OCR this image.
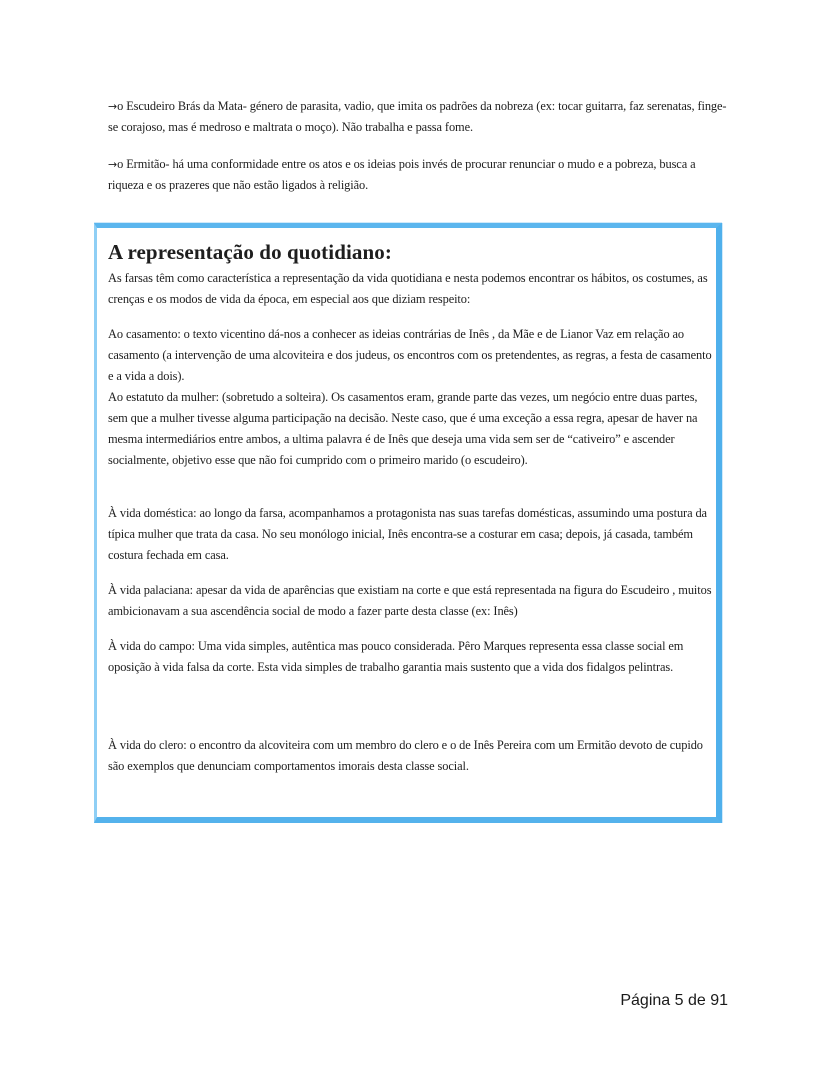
→o Escudeiro Brás da Mata- género de parasita, vadio, que imita os padrões da nobreza (ex: tocar guitarra, faz serenatas, finge- se corajoso, mas é medroso e maltrata o moço). Não trabalha e passa fome.

→o Ermitão- há uma conformidade entre os atos e os ideias pois invés de procurar renunciar o mudo e a pobreza, busca a riqueza e os prazeres que não estão ligados à religião.

A representação do quotidiano:

As farsas têm como característica a representação da vida quotidiana e nesta podemos encontrar os hábitos, os costumes, as crenças e os modos de vida da época, em especial aos que diziam respeito:

Ao casamento: o texto vicentino dá-nos a conhecer as ideias contrárias de Inês , da Mãe e de Lianor Vaz em relação ao casamento (a intervenção de uma alcoviteira e dos judeus, os encontros com os pretendentes, as regras, a festa de casamento e a vida a dois).

Ao estatuto da mulher: (sobretudo a solteira). Os casamentos eram, grande parte das vezes, um negócio entre duas partes, sem que a mulher tivesse alguma participação na decisão. Neste caso, que é uma exceção a essa regra, apesar de haver na mesma intermediários entre ambos, a ultima palavra é de Inês que deseja uma vida sem ser de “cativeiro” e ascender socialmente, objetivo esse que não foi cumprido com o primeiro marido (o escudeiro).

À vida doméstica: ao longo da farsa, acompanhamos a protagonista nas suas tarefas domésticas, assumindo uma postura da típica mulher que trata da casa. No seu monólogo inicial, Inês encontra-se a costurar em casa; depois, já casada, também costura fechada em casa.

À vida palaciana: apesar da vida de aparências que existiam na corte e que está representada na figura do Escudeiro , muitos ambicionavam a sua ascendência social de modo a fazer parte desta classe (ex: Inês)

À vida do campo: Uma vida simples, autêntica mas pouco considerada. Pêro Marques representa essa classe social em oposição à vida falsa da corte. Esta vida simples de trabalho garantia mais sustento que a vida dos fidalgos pelintras.

À vida do clero: o encontro da alcoviteira com um membro do clero e o de Inês Pereira com um Ermitão devoto de cupido são exemplos que denunciam comportamentos imorais desta classe social.

Página 5 de 91
